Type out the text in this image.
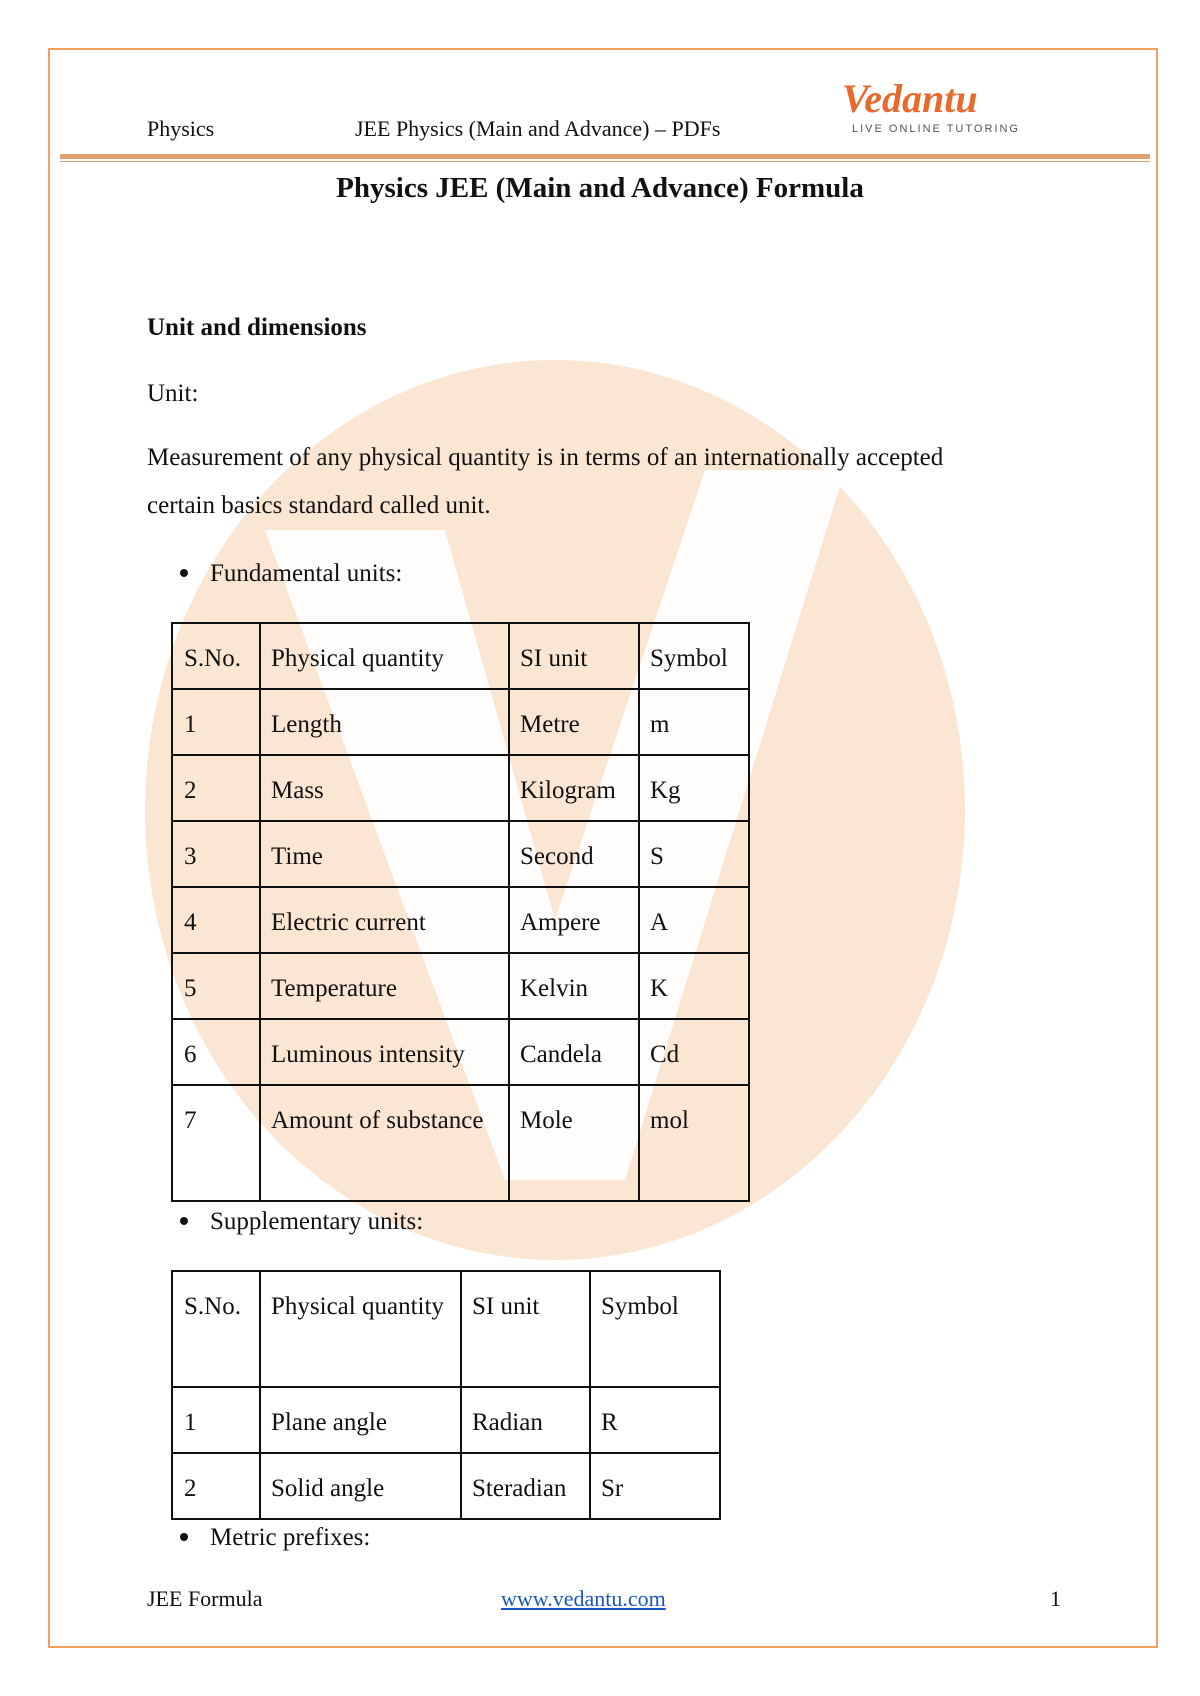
Physics	JEE Physics (Main and Advance) – PDFs
Vedantu
LIVE ONLINE TUTORING
Physics JEE (Main and Advance) Formula
Unit and dimensions
Unit:
Measurement of any physical quantity is in terms of an internationally accepted
certain basics standard called unit.
Fundamental units:
S.No.	Physical quantity	SI unit	Symbol
1	Length	Metre	m
2	Mass	Kilogram	Kg
3	Time	Second	S
4	Electric current	Ampere	A
5	Temperature	Kelvin	K
6	Luminous intensity	Candela	Cd
7	Amount of substance	Mole	mol
Supplementary units:
S.No.	Physical quantity	SI unit	Symbol
1	Plane angle	Radian	R
2	Solid angle	Steradian	Sr
Metric prefixes:
JEE Formula	www.vedantu.com	1
